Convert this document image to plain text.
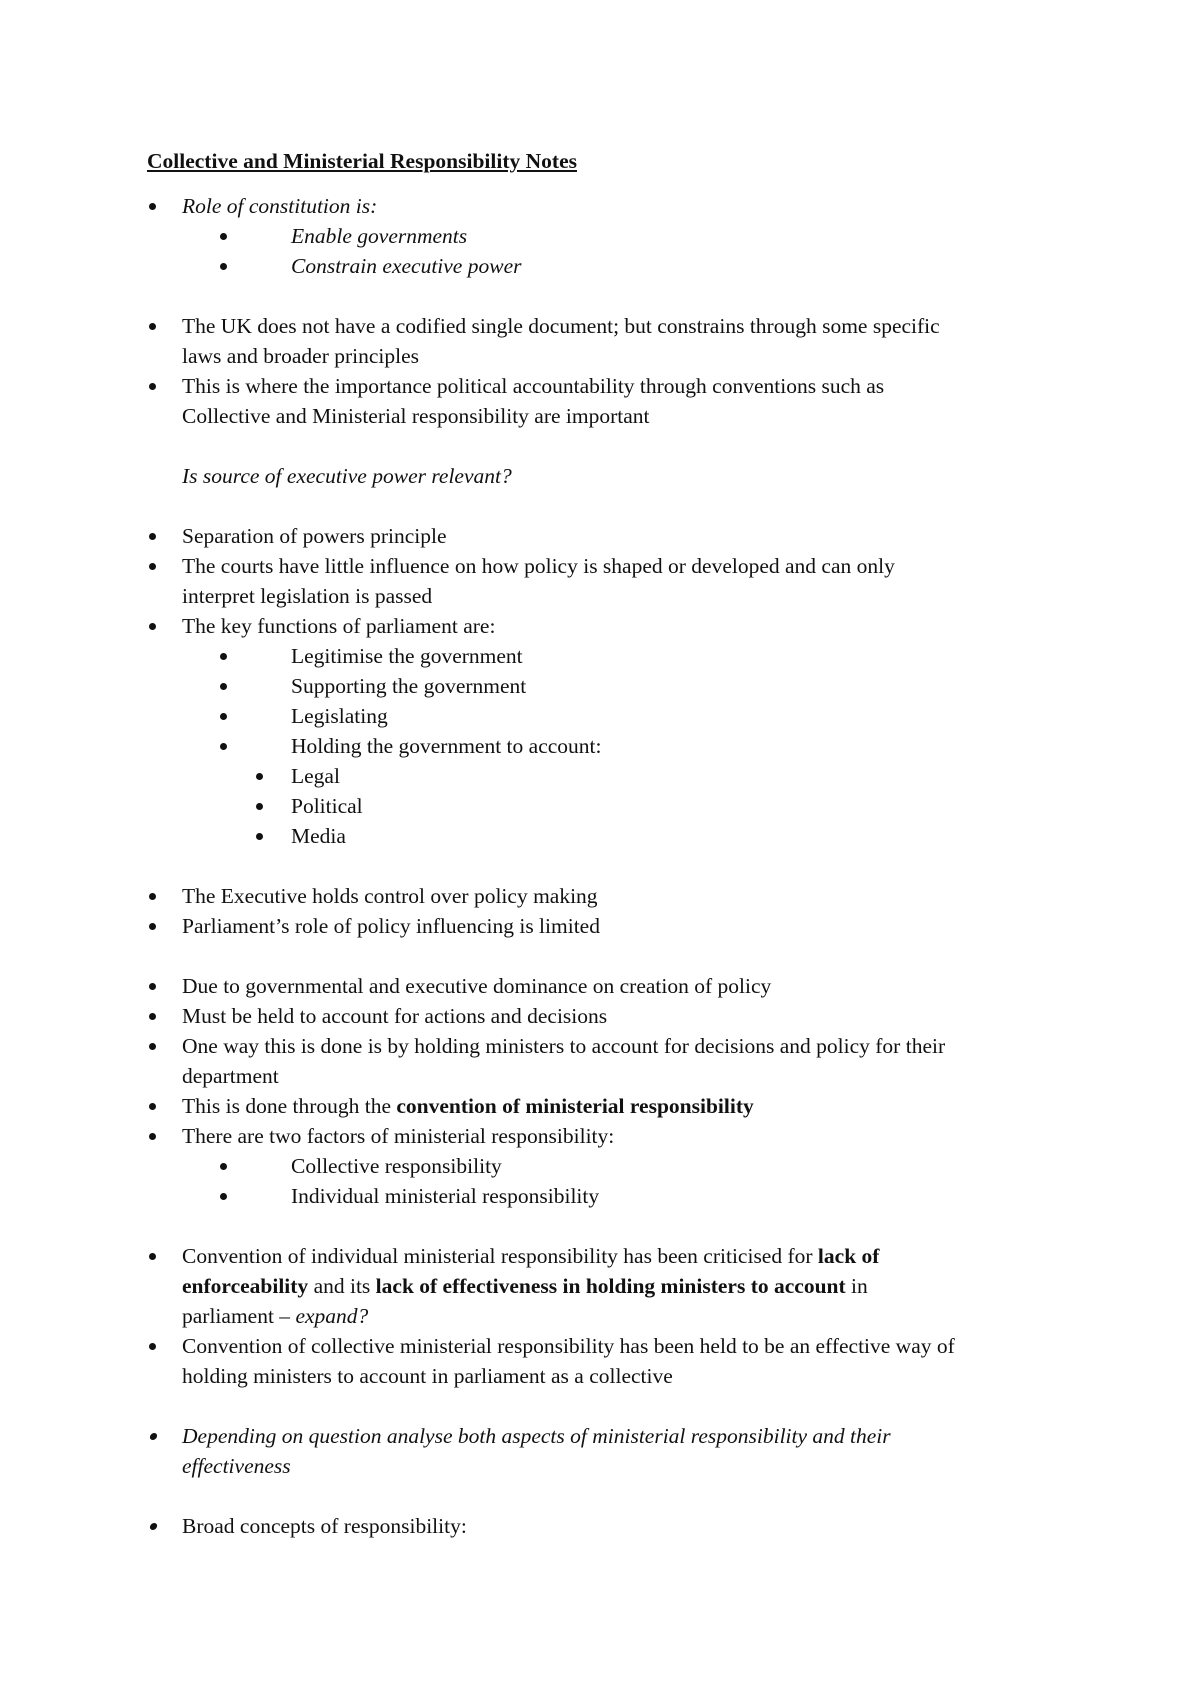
Collective and Ministerial Responsibility Notes
Role of constitution is:
Enable governments
Constrain executive power
The UK does not have a codified single document; but constrains through some specific
laws and broader principles
This is where the importance political accountability through conventions such as
Collective and Ministerial responsibility are important
Is source of executive power relevant?
Separation of powers principle
The courts have little influence on how policy is shaped or developed and can only
interpret legislation is passed
The key functions of parliament are:
Legitimise the government
Supporting the government
Legislating
Holding the government to account:
Legal
Political
Media
The Executive holds control over policy making
Parliament’s role of policy influencing is limited
Due to governmental and executive dominance on creation of policy
Must be held to account for actions and decisions
One way this is done is by holding ministers to account for decisions and policy for their
department
This is done through the convention of ministerial responsibility
There are two factors of ministerial responsibility:
Collective responsibility
Individual ministerial responsibility
Convention of individual ministerial responsibility has been criticised for lack of
enforceability and its lack of effectiveness in holding ministers to account in
parliament – expand?
Convention of collective ministerial responsibility has been held to be an effective way of
holding ministers to account in parliament as a collective
Depending on question analyse both aspects of ministerial responsibility and their
effectiveness
Broad concepts of responsibility:
